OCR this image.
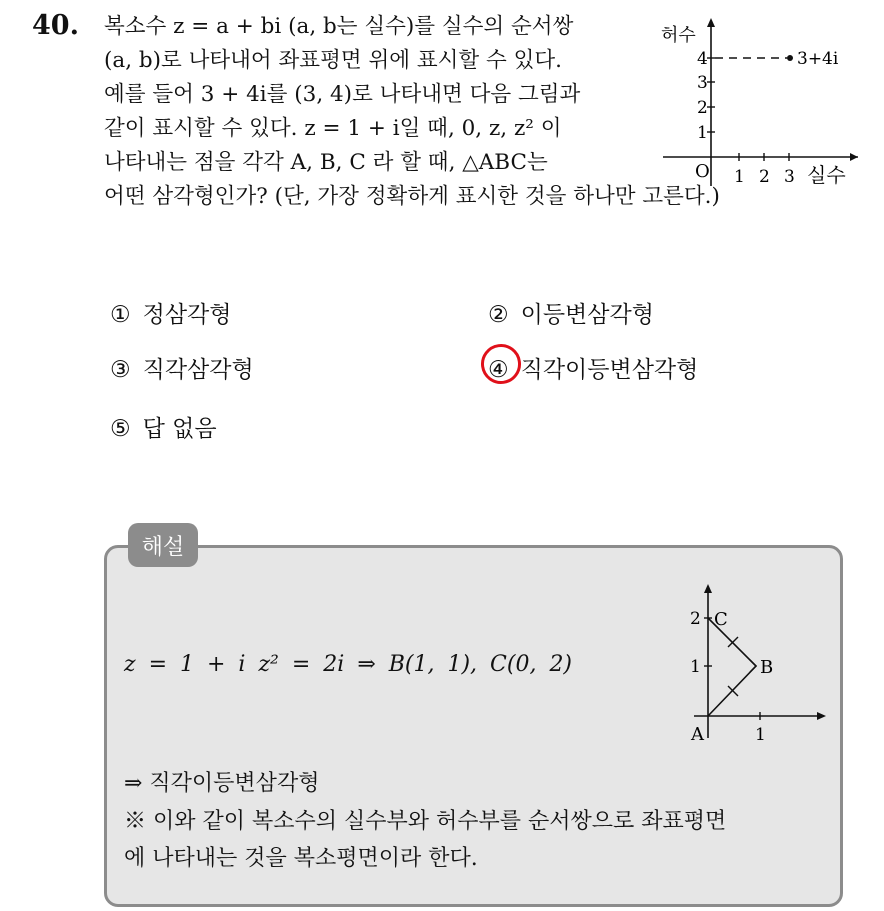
40. 복소수 z = a + bi (a, b는 실수)를 실수의 순서쌍
(a, b)로 나타내어 좌표평면 위에 표시할 수 있다.
예를 들어 3 + 4i를 (3, 4)로 나타내면 다음 그림과
같이 표시할 수 있다. z = 1 + i일 때, 0, z, z² 이
나타내는 점을 각각 A, B, C 라 할 때, △ABC는
어떤 삼각형인가? (단, 가장 정확하게 표시한 것을 하나만 고른다.)
허수
실수
O
1
2
3
4
1 2 3
3+4i
① 정삼각형	② 이등변삼각형
③ 직각삼각형	④ 직각이등변삼각형
⑤ 답 없음
해설
z = 1 + i z² = 2i ⇒ B(1, 1), C(0, 2)
2
1
1
A
B
C
⇒ 직각이등변삼각형
※ 이와 같이 복소수의 실수부와 허수부를 순서쌍으로 좌표평면
에 나타내는 것을 복소평면이라 한다.
